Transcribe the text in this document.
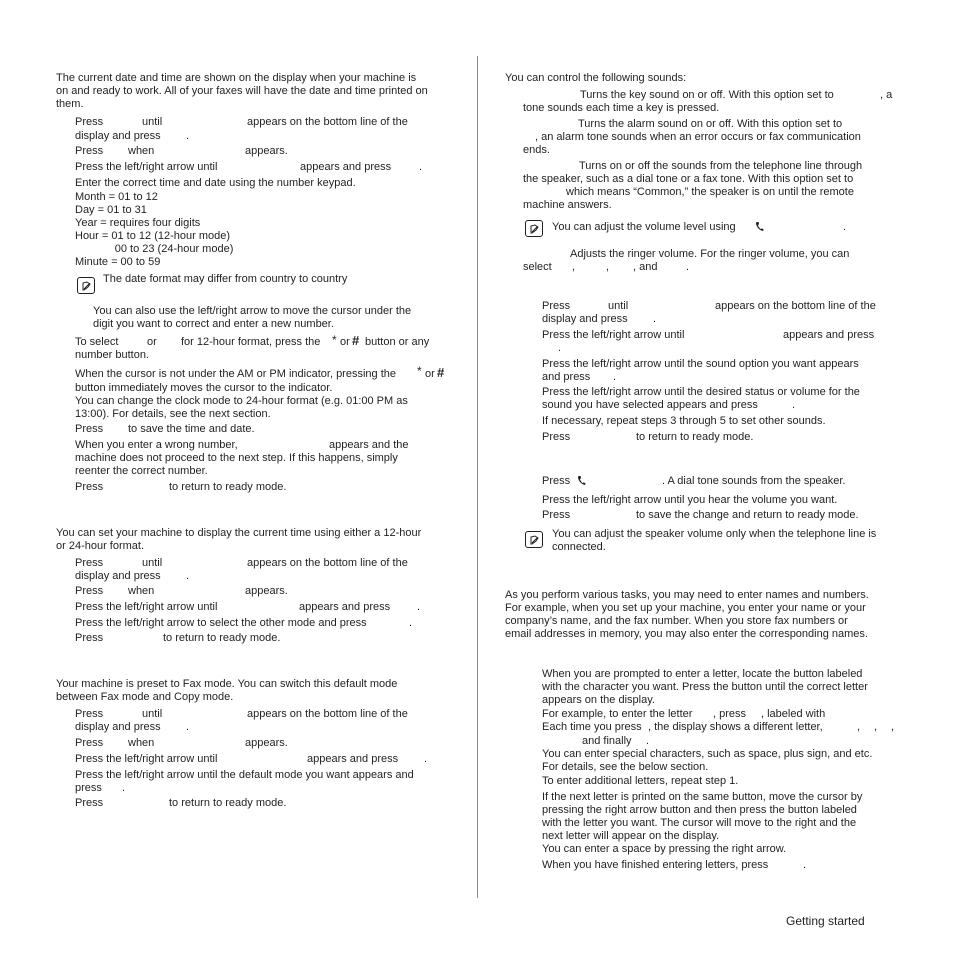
The current date and time are shown on the display when your machine is
on and ready to work. All of your faxes will have the date and time printed on
them.
Press	until	appears on the bottom line of the
display and press .
Press when	appears.
Press the left/right arrow until	appears and press	.
Enter the correct time and date using the number keypad.
Month = 01 to 12
Day = 01 to 31
Year = requires four digits
Hour = 01 to 12 (12-hour mode)
00 to 23 (24-hour mode)
Minute = 00 to 59
The date format may differ from country to country
You can also use the left/right arrow to move the cursor under the
digit you want to correct and enter a new number.
To select	or for 12-hour format, press the * or # button or any
number button.
When the cursor is not under the AM or PM indicator, pressing the * or #
button immediately moves the cursor to the indicator.
You can change the clock mode to 24-hour format (e.g. 01:00 PM as
13:00). For details, see the next section.
Press to save the time and date.
When you enter a wrong number,	appears and the
machine does not proceed to the next step. If this happens, simply
reenter the correct number.
Press	to return to ready mode.
You can set your machine to display the current time using either a 12-hour
or 24-hour format.
Press	until	appears on the bottom line of the
display and press .
Press when	appears.
Press the left/right arrow until	appears and press .
Press the left/right arrow to select the other mode and press	.
Press	to return to ready mode.
Your machine is preset to Fax mode. You can switch this default mode
between Fax mode and Copy mode.
Press	until	appears on the bottom line of the
display and press .
Press when	appears.
Press the left/right arrow until	appears and press .
Press the left/right arrow until the default mode you want appears and
press .
Press	to return to ready mode.
You can control the following sounds:
Turns the key sound on or off. With this option set to	, a
tone sounds each time a key is pressed.
Turns the alarm sound on or off. With this option set to
, an alarm tone sounds when an error occurs or fax communication
ends.
Turns on or off the sounds from the telephone line through
the speaker, such as a dial tone or a fax tone. With this option set to
which means “Common,” the speaker is on until the remote
machine answers.
You can adjust the volume level using	.
Adjusts the ringer volume. For the ringer volume, you can
select ,	, , and	.
Press	until	appears on the bottom line of the
display and press .
Press the left/right arrow until	appears and press
.
Press the left/right arrow until the sound option you want appears
and press .
Press the left/right arrow until the desired status or volume for the
sound you have selected appears and press	.
If necessary, repeat steps 3 through 5 to set other sounds.
Press	to return to ready mode.
Press	. A dial tone sounds from the speaker.
Press the left/right arrow until you hear the volume you want.
Press	to save the change and return to ready mode.
You can adjust the speaker volume only when the telephone line is
connected.
As you perform various tasks, you may need to enter names and numbers.
For example, when you set up your machine, you enter your name or your
company’s name, and the fax number. When you store fax numbers or
email addresses in memory, you may also enter the corresponding names.
When you are prompted to enter a letter, locate the button labeled
with the character you want. Press the button until the correct letter
appears on the display.
For example, to enter the letter , press , labeled with
Each time you press , the display shows a different letter,	, , ,
and finally .
You can enter special characters, such as space, plus sign, and etc.
For details, see the below section.
To enter additional letters, repeat step 1.
If the next letter is printed on the same button, move the cursor by
pressing the right arrow button and then press the button labeled
with the letter you want. The cursor will move to the right and the
next letter will appear on the display.
You can enter a space by pressing the right arrow.
When you have finished entering letters, press	.
Getting started
